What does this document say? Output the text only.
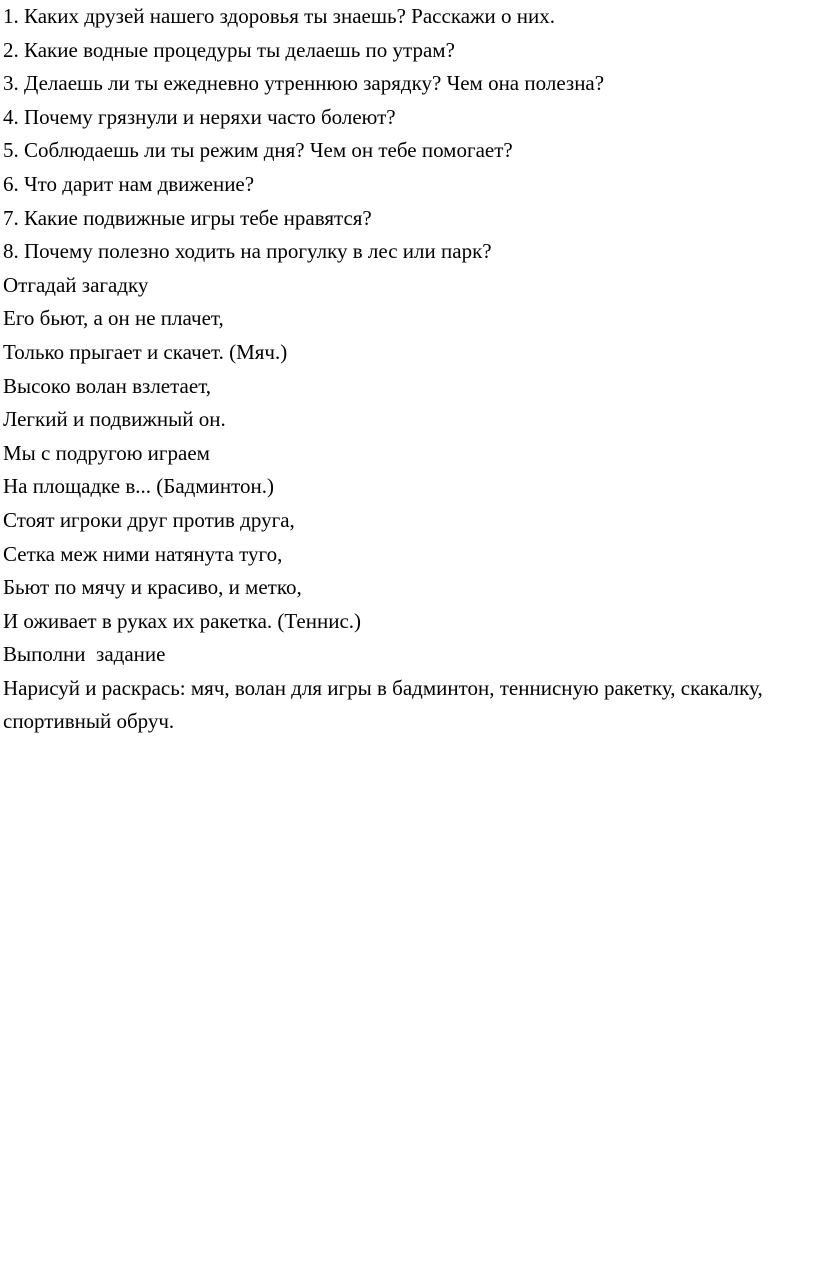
1. Каких друзей нашего здоровья ты знаешь? Расскажи о них.

2. Какие водные процедуры ты делаешь по утрам?

3. Делаешь ли ты ежедневно утреннюю зарядку? Чем она полезна?

4. Почему грязнули и неряхи часто болеют?

5. Соблюдаешь ли ты режим дня? Чем он тебе помогает?

6. Что дарит нам движение?

7. Какие подвижные игры тебе нравятся?

8. Почему полезно ходить на прогулку в лес или парк?

Отгадай загадку

Его бьют, а он не плачет,

Только прыгает и скачет. (Мяч.)

Высоко волан взлетает,

Легкий и подвижный он.

Мы с подругою играем

На площадке в... (Бадминтон.)

Стоят игроки друг против друга,

Сетка меж ними натянута туго,

Бьют по мячу и красиво, и метко,

И оживает в руках их ракетка. (Теннис.)

Выполни  задание

Нарисуй и раскрась: мяч, волан для игры в бадминтон, теннисную ракетку, скакалку, спортивный обруч.
